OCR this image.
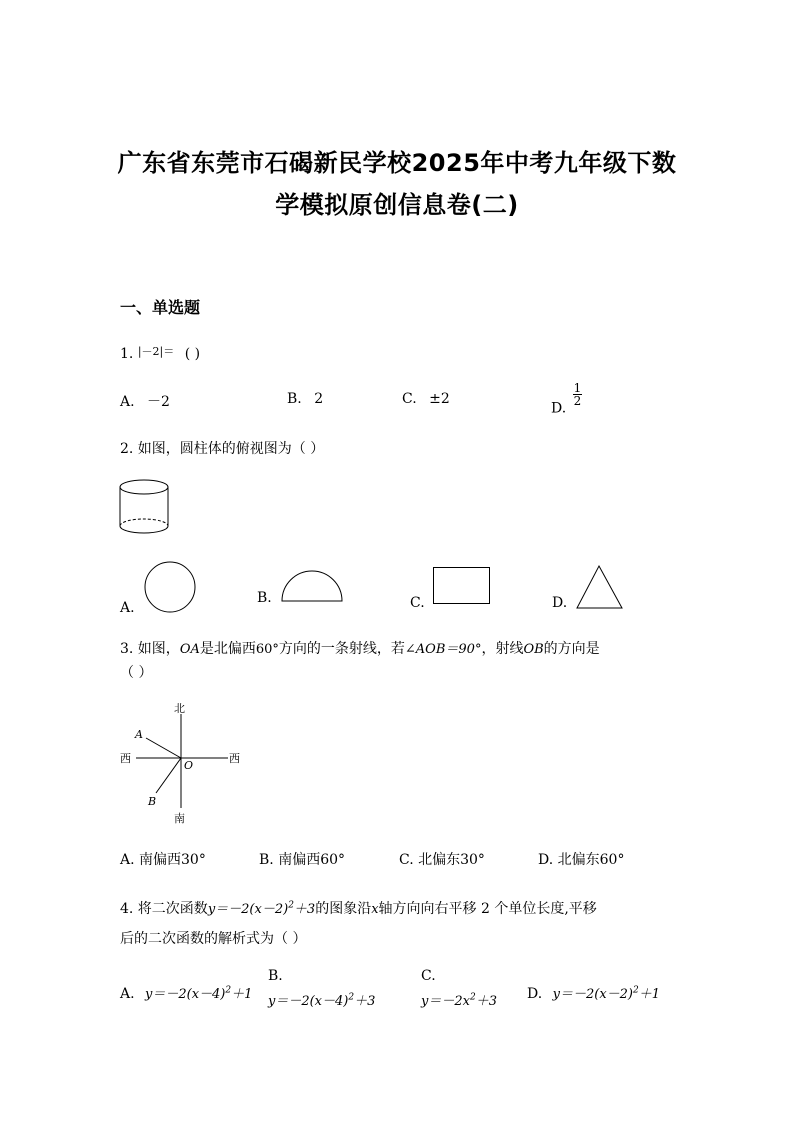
广东省东莞市石碣新民学校2025年中考九年级下数
学模拟原创信息卷(二)
一、单选题
1. $^{|-2|=}$ ( )
A. －2	B. 2	C. ±2
D.
$\frac{1}{2}$
2. 如图，圆柱体的俯视图为（ ）
A.
B.	C.	D.
3. 如图，OA是北偏西60°方向的一条射线，若∠AOB＝90°，射线OB的方向是
（ ）
北
南
西	西
A
B
O
A. 南偏西30°	B. 南偏西60°	C. 北偏东30°	D. 北偏东60°
4. 将二次函数$y=-2(x-2)^2+3$的图象沿x轴方向向右平移 2 个单位长度,平移
后的二次函数的解析式为（ ）
A. $y=-2(x-4)^2+1$
B.
$y=-2(x-4)^2+3$
C.
$y=-2x^2+3$ D. $y=-2(x-2)^2+1$
